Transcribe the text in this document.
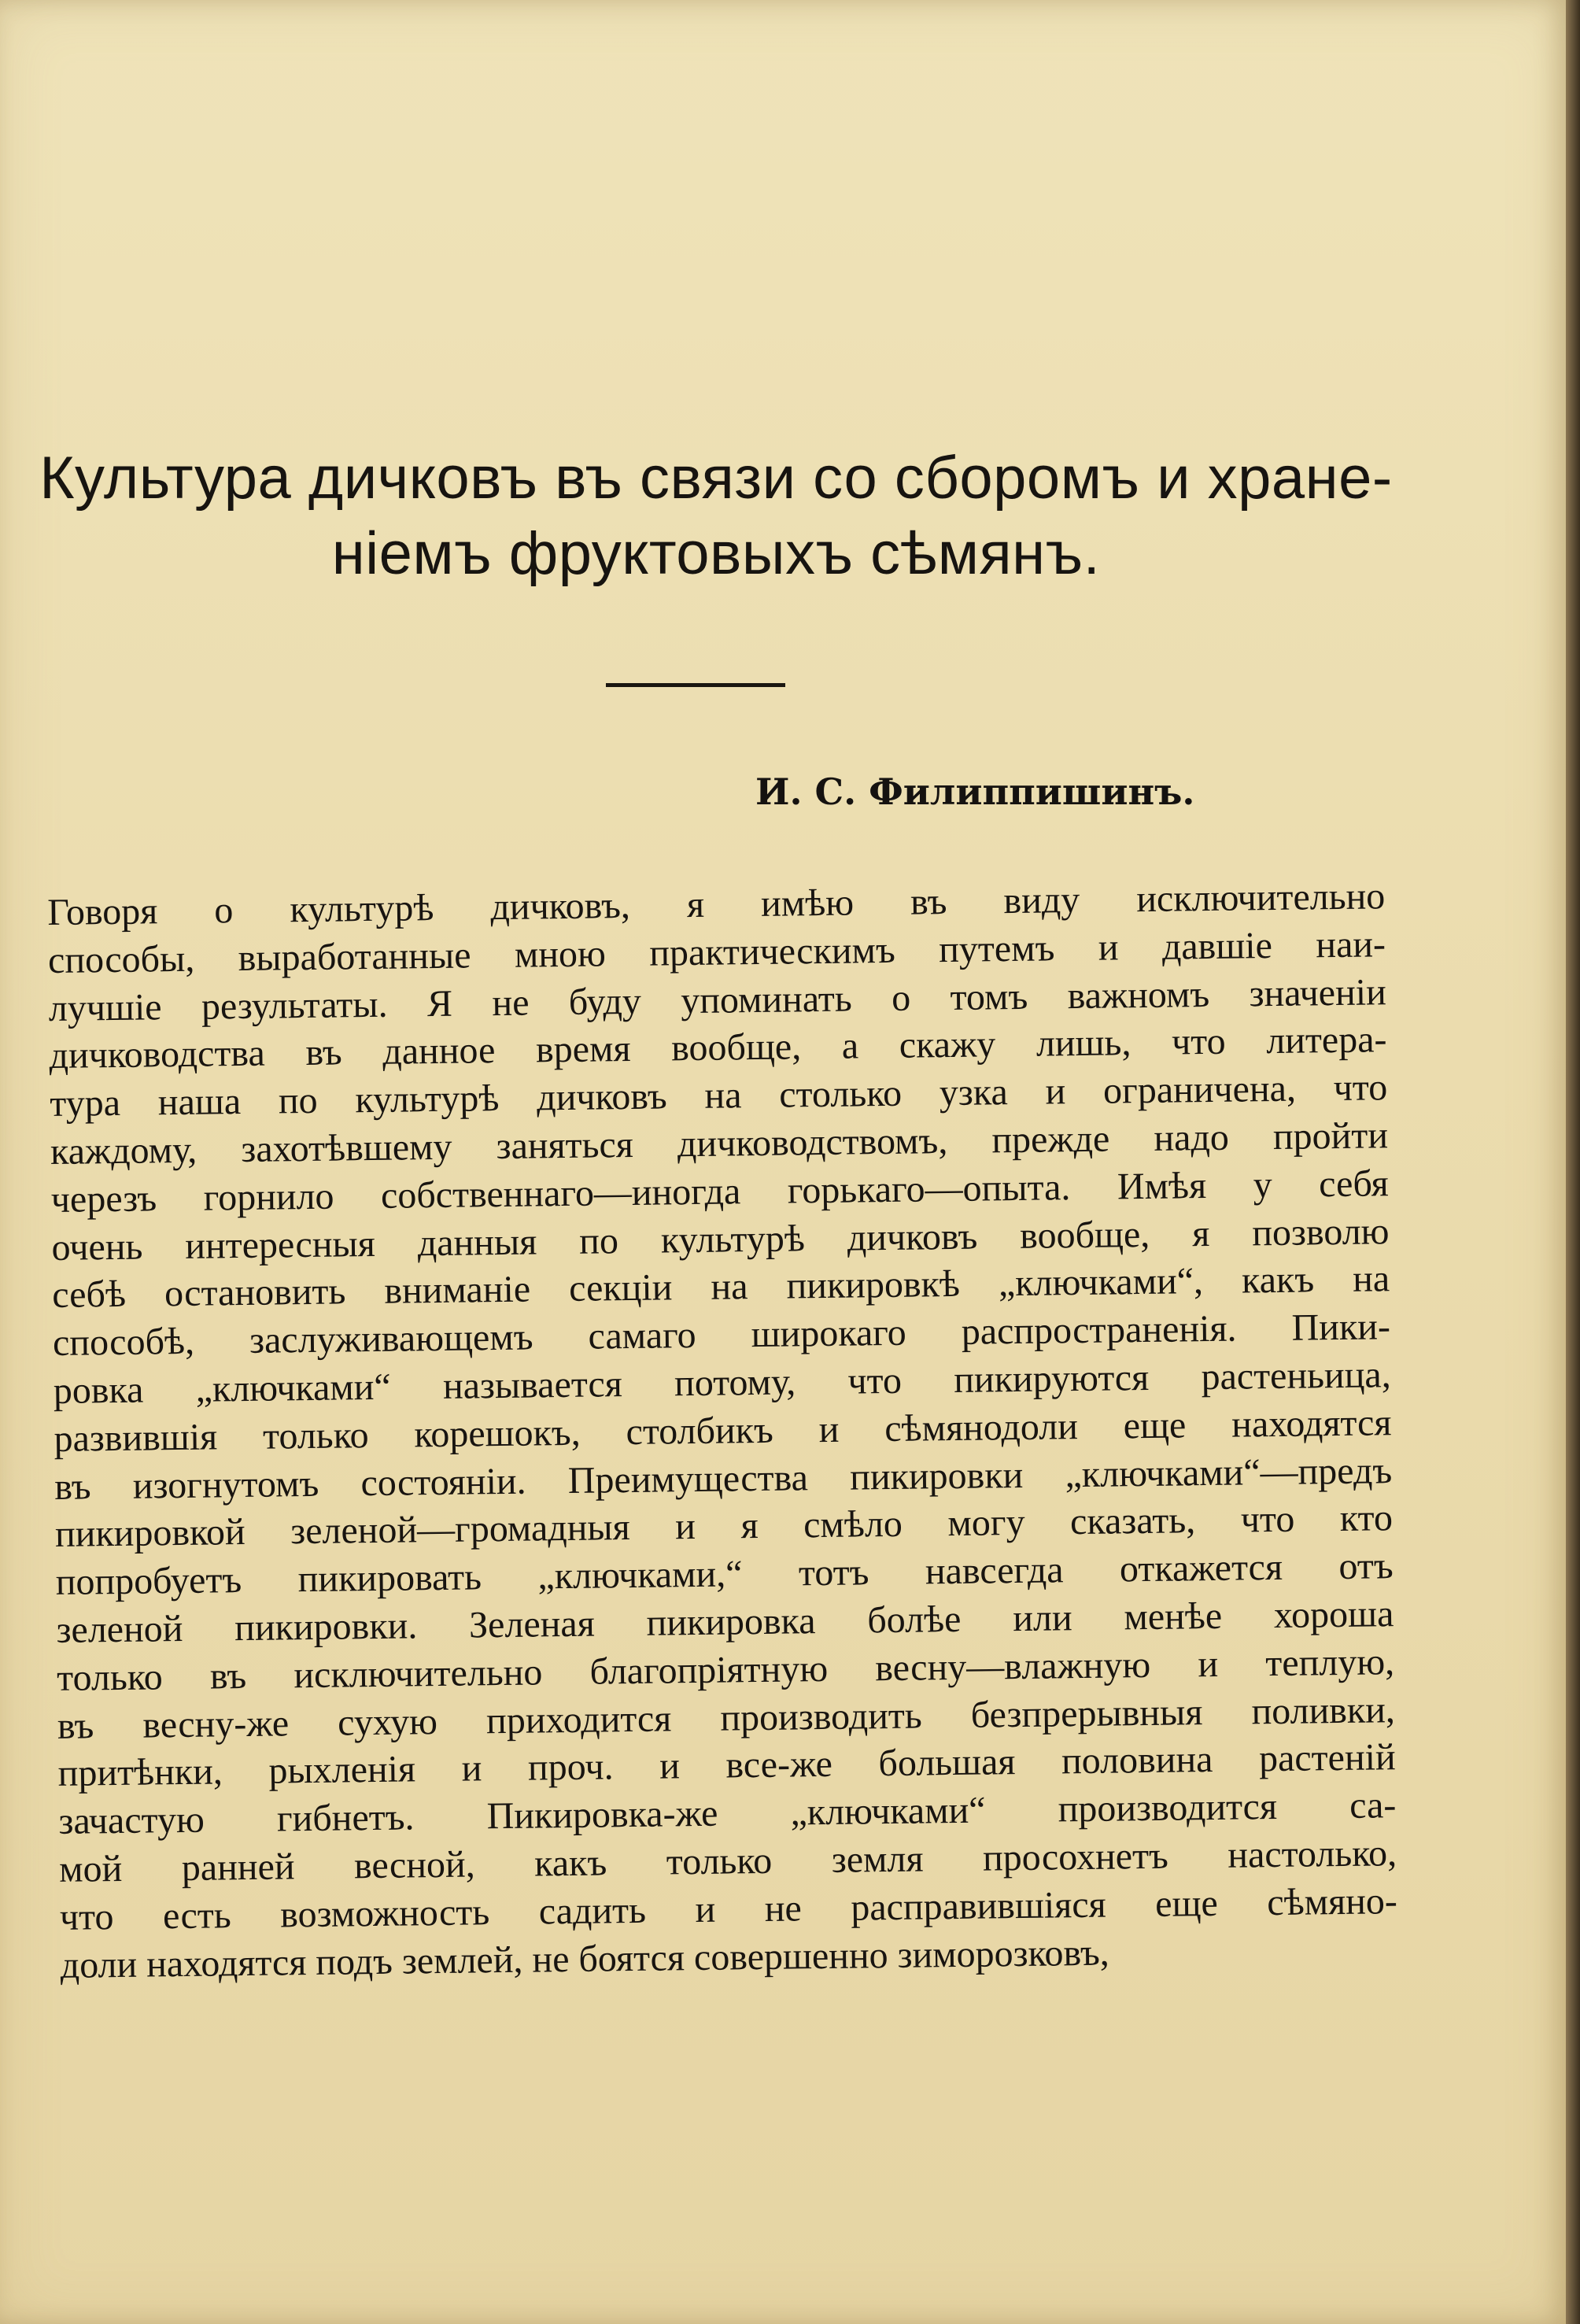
Культура дичковъ въ связи со сборомъ и хране-
ніемъ фруктовыхъ сѣмянъ.

И. С. Филиппишинъ.

Говоря о культурѣ дичковъ, я имѣю въ виду исключительно
способы, выработанные мною практическимъ путемъ и давшіе наи-
лучшіе результаты. Я не буду упоминать о томъ важномъ значеніи
дичководства въ данное время вообще, а скажу лишь, что литера-
тура наша по культурѣ дичковъ на столько узка и ограничена, что
каждому, захотѣвшему заняться дичководствомъ, прежде надо пройти
черезъ горнило собственнаго—иногда горькаго—опыта. Имѣя у себя
очень интересныя данныя по культурѣ дичковъ вообще, я позволю
себѣ остановить вниманіе секціи на пикировкѣ „ключками“, какъ на
способѣ, заслуживающемъ самаго широкаго распространенія. Пики-
ровка „ключками“ называется потому, что пикируются растеньица,
развившія только корешокъ, столбикъ и сѣмянодоли еще находятся
въ изогнутомъ состояніи. Преимущества пикировки „ключками“—предъ
пикировкой зеленой—громадныя и я смѣло могу сказать, что кто
попробуетъ пикировать „ключками,“ тотъ навсегда откажется отъ
зеленой пикировки. Зеленая пикировка болѣе или менѣе хороша
только въ исключительно благопріятную весну—влажную и теплую,
въ весну-же сухую приходится производить безпрерывныя поливки,
притѣнки, рыхленія и проч. и все-же большая половина растеній
зачастую гибнетъ. Пикировка-же „ключками“ производится са-
мой ранней весной, какъ только земля просохнетъ настолько,
что есть возможность садить и не расправившіяся еще сѣмяно-
доли находятся подъ землей, не боятся совершенно зиморозковъ,
